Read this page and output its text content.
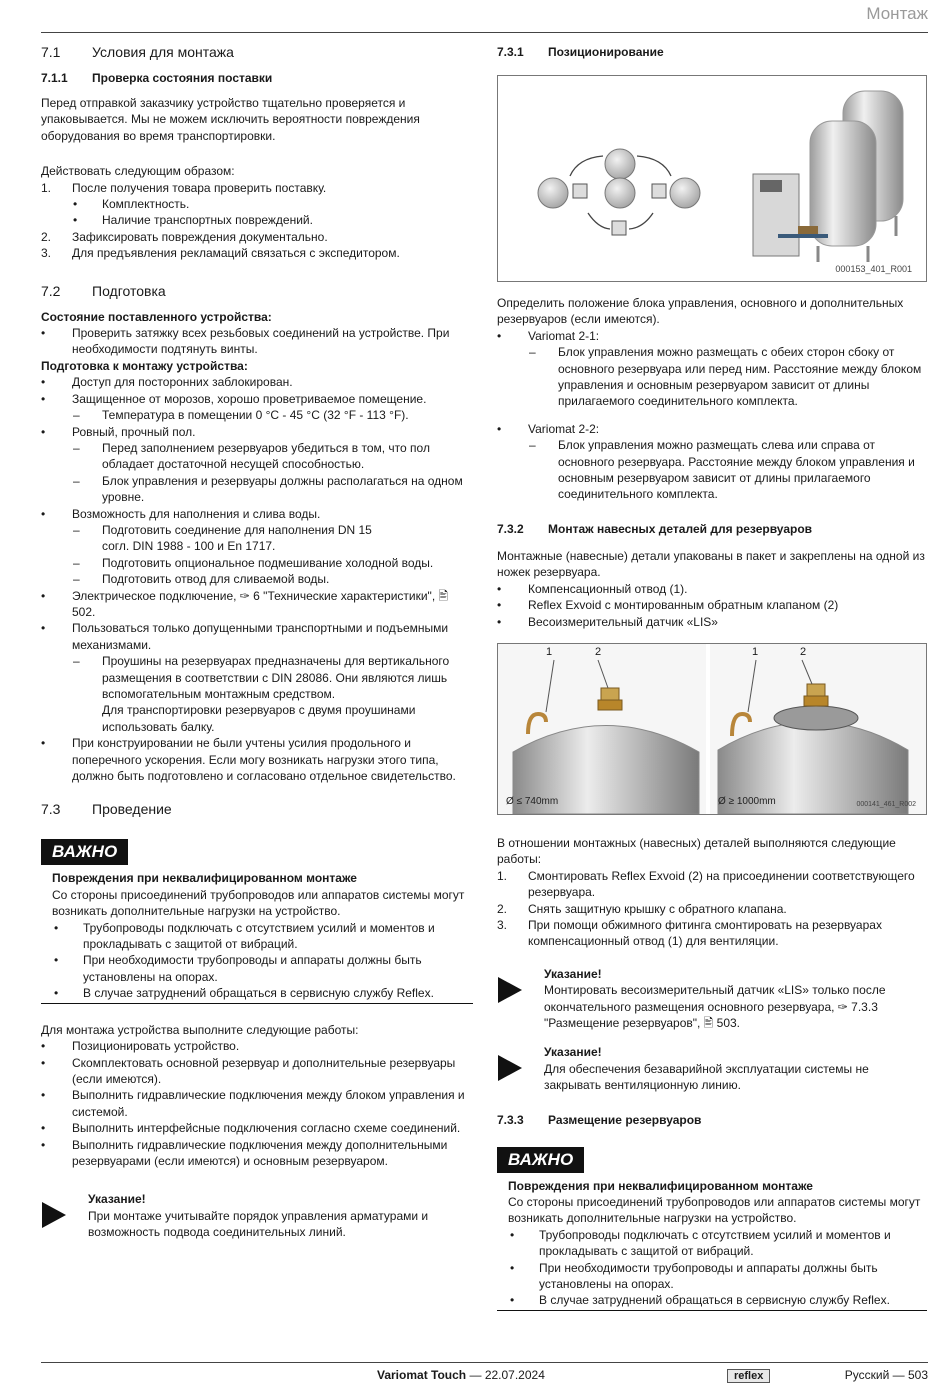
Монтаж
7.1	Условия для монтажа
7.1.1	Проверка состояния поставки
Перед отправкой заказчику устройство тщательно проверяется и упаковывается. Мы не можем исключить вероятности повреждения оборудования во время транспортировки.
Действовать следующим образом:
1. После получения товара проверить поставку.
• Комплектность.
• Наличие транспортных повреждений.
2. Зафиксировать повреждения документально.
3. Для предъявления рекламаций связаться с экспедитором.
7.2	Подготовка
Состояние поставленного устройства:
• Проверить затяжку всех резьбовых соединений на устройстве. При необходимости подтянуть винты.
Подготовка к монтажу устройства:
• Доступ для посторонних заблокирован.
• Защищенное от морозов, хорошо проветриваемое помещение.
– Температура в помещении 0 °C - 45 °C (32 °F - 113 °F).
• Ровный, прочный пол.
– Перед заполнением резервуаров убедиться в том, что пол обладает достаточной несущей способностью.
– Блок управления и резервуары должны располагаться на одном уровне.
• Возможность для наполнения и слива воды.
– Подготовить соединение для наполнения DN 15 согл. DIN 1988 - 100 и En 1717.
– Подготовить опциональное подмешивание холодной воды.
– Подготовить отвод для сливаемой воды.
• Электрическое подключение, ✑ 6 "Технические характеристики", 🖹 502.
• Пользоваться только допущенными транспортными и подъемными механизмами.
– Проушины на резервуарах предназначены для вертикального размещения в соответствии с DIN 28086. Они являются лишь вспомогательным монтажным средством.
Для транспортировки резервуаров с двумя проушинами использовать балку.
• При конструировании не были учтены усилия продольного и поперечного ускорения. Если могу возникать нагрузки этого типа, должно быть подготовлено и согласовано отдельное свидетельство.
7.3	Проведение
ВАЖНО
Повреждения при неквалифицированном монтаже
Со стороны присоединений трубопроводов или аппаратов системы могут возникать дополнительные нагрузки на устройство.
• Трубопроводы подключать с отсутствием усилий и моментов и прокладывать с защитой от вибраций.
• При необходимости трубопроводы и аппараты должны быть установлены на опорах.
• В случае затруднений обращаться в сервисную службу Reflex.
Для монтажа устройства выполните следующие работы:
• Позиционировать устройство.
• Скомплектовать основной резервуар и дополнительные резервуары (если имеются).
• Выполнить гидравлические подключения между блоком управления и системой.
• Выполнить интерфейсные подключения согласно схеме соединений.
• Выполнить гидравлические подключения между дополнительными резервуарами (если имеются) и основным резервуаром.
Указание!
При монтаже учитывайте порядок управления арматурами и возможность подвода соединительных линий.
7.3.1	Позиционирование
000153_401_R001
Определить положение блока управления, основного и дополнительных резервуаров (если имеются).
• Variomat 2-1:
– Блок управления можно размещать с обеих сторон сбоку от основного резервуара или перед ним. Расстояние между блоком управления и основным резервуаром зависит от длины прилагаемого соединительного комплекта.
• Variomat 2-2:
– Блок управления можно размещать слева или справа от основного резервуара. Расстояние между блоком управления и основным резервуаром зависит от длины прилагаемого соединительного комплекта.
7.3.2	Монтаж навесных деталей для резервуаров
Монтажные (навесные) детали упакованы в пакет и закреплены на одной из ножек резервуара.
• Компенсационный отвод (1).
• Reflex Exvoid с монтированным обратным клапаном (2)
• Весоизмерительный датчик «LIS»
1	2	1	2
Ø ≤ 740mm	Ø ≥ 1000mm	000141_461_R002
В отношении монтажных (навесных) деталей выполняются следующие работы:
1. Смонтировать Reflex Exvoid (2) на присоединении соответствующего резервуара.
2. Снять защитную крышку с обратного клапана.
3. При помощи обжимного фитинга смонтировать на резервуарах компенсационный отвод (1) для вентиляции.
Указание!
Монтировать весоизмерительный датчик «LIS» только после окончательного размещения основного резервуара, ✑ 7.3.3 "Размещение резервуаров", 🖹 503.
Указание!
Для обеспечения безаварийной эксплуатации системы не закрывать вентиляционную линию.
7.3.3	Размещение резервуаров
ВАЖНО
Повреждения при неквалифицированном монтаже
Со стороны присоединений трубопроводов или аппаратов системы могут возникать дополнительные нагрузки на устройство.
• Трубопроводы подключать с отсутствием усилий и моментов и прокладывать с защитой от вибраций.
• При необходимости трубопроводы и аппараты должны быть установлены на опорах.
• В случае затруднений обращаться в сервисную службу Reflex.
Variomat Touch — 22.07.2024	reflex	Русский — 503
